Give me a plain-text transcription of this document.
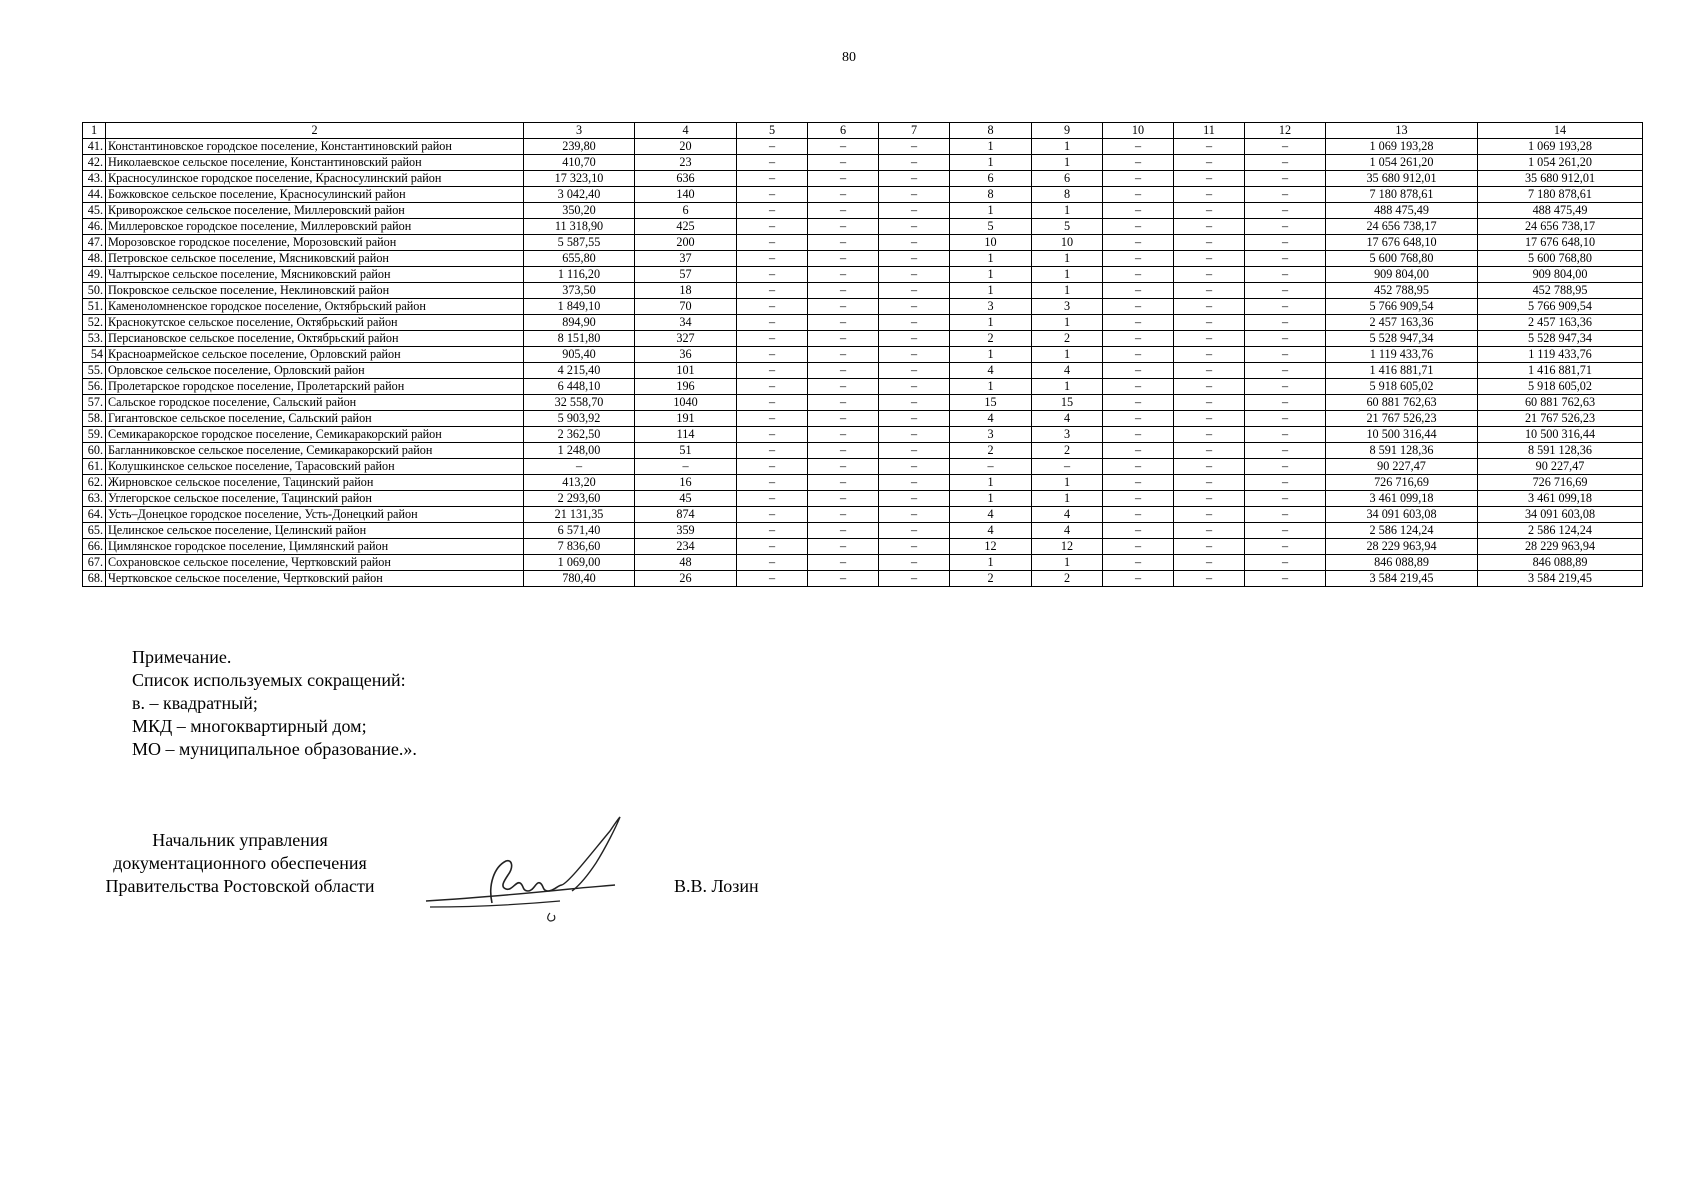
80
1	2	3	4	5	6	7	8	9	10	11	12	13	14
41.	Константиновское городское поселение, Константиновский район	239,80	20	–	–	–	1	1	–	–	–	1 069 193,28	1 069 193,28
42.	Николаевское сельское поселение, Константиновский район	410,70	23	–	–	–	1	1	–	–	–	1 054 261,20	1 054 261,20
43.	Красносулинское городское поселение, Красносулинский район	17 323,10	636	–	–	–	6	6	–	–	–	35 680 912,01	35 680 912,01
44.	Божковское сельское поселение, Красносулинский район	3 042,40	140	–	–	–	8	8	–	–	–	7 180 878,61	7 180 878,61
45.	Криворожское сельское поселение, Миллеровский район	350,20	6	–	–	–	1	1	–	–	–	488 475,49	488 475,49
46.	Миллеровское городское поселение, Миллеровский район	11 318,90	425	–	–	–	5	5	–	–	–	24 656 738,17	24 656 738,17
47.	Морозовское городское поселение, Морозовский район	5 587,55	200	–	–	–	10	10	–	–	–	17 676 648,10	17 676 648,10
48.	Петровское сельское поселение, Мясниковский район	655,80	37	–	–	–	1	1	–	–	–	5 600 768,80	5 600 768,80
49.	Чалтырское сельское поселение, Мясниковский район	1 116,20	57	–	–	–	1	1	–	–	–	909 804,00	909 804,00
50.	Покровское сельское поселение, Неклиновский район	373,50	18	–	–	–	1	1	–	–	–	452 788,95	452 788,95
51.	Каменоломненское городское поселение, Октябрьский район	1 849,10	70	–	–	–	3	3	–	–	–	5 766 909,54	5 766 909,54
52.	Краснокутское сельское поселение, Октябрьский район	894,90	34	–	–	–	1	1	–	–	–	2 457 163,36	2 457 163,36
53.	Персиановское сельское поселение, Октябрьский район	8 151,80	327	–	–	–	2	2	–	–	–	5 528 947,34	5 528 947,34
54	Красноармейское сельское поселение, Орловский район	905,40	36	–	–	–	1	1	–	–	–	1 119 433,76	1 119 433,76
55.	Орловское сельское поселение, Орловский район	4 215,40	101	–	–	–	4	4	–	–	–	1 416 881,71	1 416 881,71
56.	Пролетарское городское поселение, Пролетарский район	6 448,10	196	–	–	–	1	1	–	–	–	5 918 605,02	5 918 605,02
57.	Сальское городское поселение, Сальский район	32 558,70	1040	–	–	–	15	15	–	–	–	60 881 762,63	60 881 762,63
58.	Гигантовское сельское поселение, Сальский район	5 903,92	191	–	–	–	4	4	–	–	–	21 767 526,23	21 767 526,23
59.	Семикаракорское городское поселение, Семикаракорский район	2 362,50	114	–	–	–	3	3	–	–	–	10 500 316,44	10 500 316,44
60.	Багланниковское сельское поселение, Семикаракорский район	1 248,00	51	–	–	–	2	2	–	–	–	8 591 128,36	8 591 128,36
61.	Колушкинское сельское поселение, Тарасовский район	–	–	–	–	–	–	–	–	–	–	90 227,47	90 227,47
62.	Жирновское сельское поселение, Тацинский район	413,20	16	–	–	–	1	1	–	–	–	726 716,69	726 716,69
63.	Углегорское сельское поселение, Тацинский район	2 293,60	45	–	–	–	1	1	–	–	–	3 461 099,18	3 461 099,18
64.	Усть–Донецкое городское поселение, Усть-Донецкий район	21 131,35	874	–	–	–	4	4	–	–	–	34 091 603,08	34 091 603,08
65.	Целинское сельское поселение, Целинский район	6 571,40	359	–	–	–	4	4	–	–	–	2 586 124,24	2 586 124,24
66.	Цимлянское городское поселение, Цимлянский район	7 836,60	234	–	–	–	12	12	–	–	–	28 229 963,94	28 229 963,94
67.	Сохрановское сельское поселение, Чертковский район	1 069,00	48	–	–	–	1	1	–	–	–	846 088,89	846 088,89
68.	Чертковское сельское поселение, Чертковский район	780,40	26	–	–	–	2	2	–	–	–	3 584 219,45	3 584 219,45
Примечание.
Список используемых сокращений:
в. – квадратный;
МКД – многоквартирный дом;
МО – муниципальное образование.».
Начальник управления
документационного обеспечения
Правительства Ростовской области	В.В. Лозин
